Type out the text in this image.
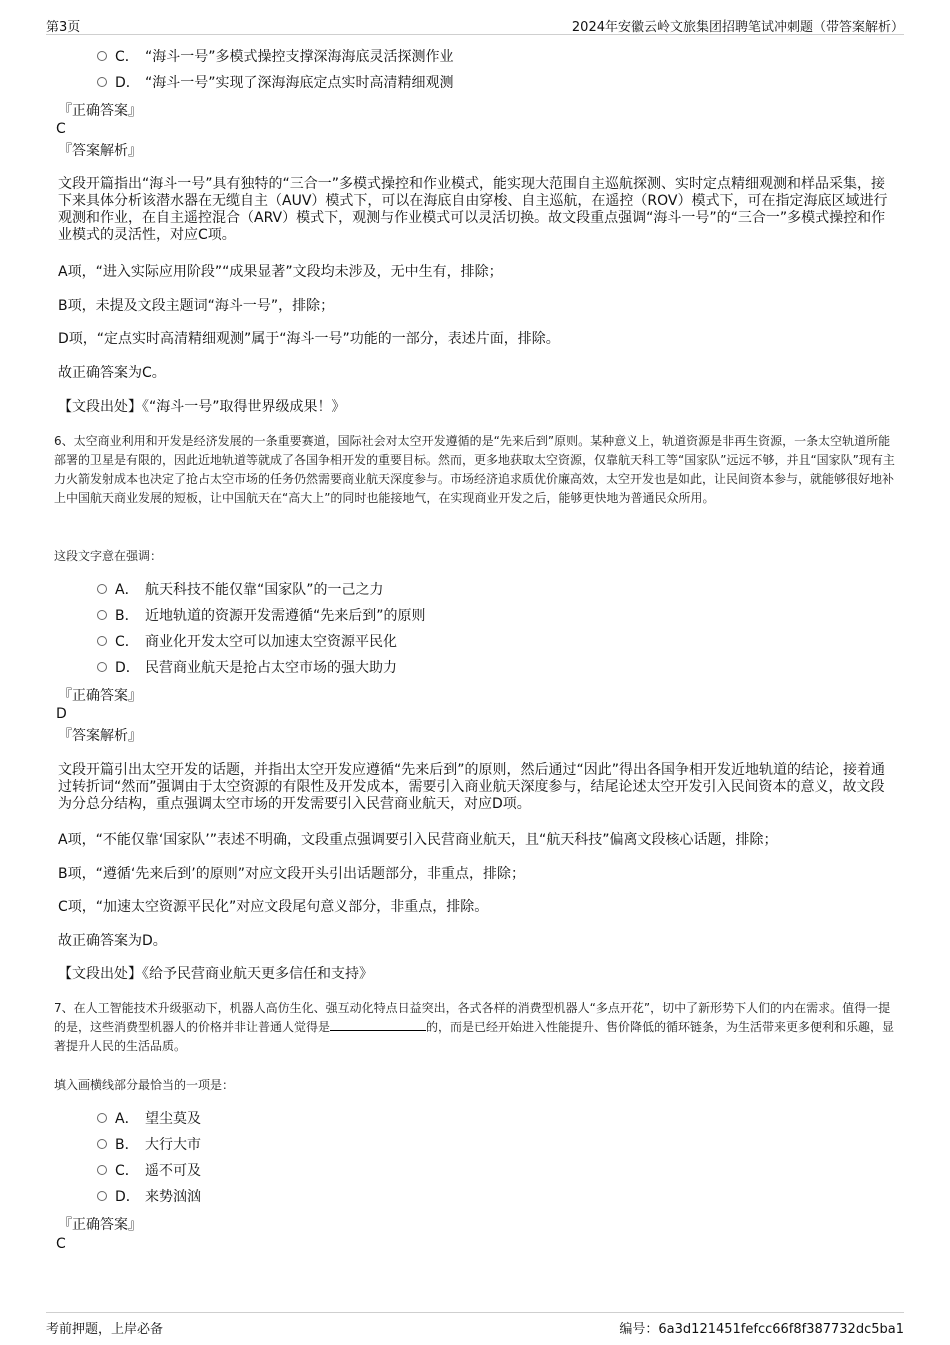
第3页	2024年安徽云岭文旅集团招聘笔试冲刺题（带答案解析）
C． “海斗一号”多模式操控支撑深海海底灵活探测作业
D． “海斗一号”实现了深海海底定点实时高清精细观测
『正确答案』
C
『答案解析』
文段开篇指出“海斗一号”具有独特的“三合一”多模式操控和作业模式，能实现大范围自主巡航探测、实时定点精细观测和样品采集，接下来具体分析该潜水器在无缆自主（AUV）模式下，可以在海底自由穿梭、自主巡航，在遥控（ROV）模式下，可在指定海底区域进行观测和作业，在自主遥控混合（ARV）模式下，观测与作业模式可以灵活切换。故文段重点强调“海斗一号”的“三合一”多模式操控和作业模式的灵活性，对应C项。
A项，“进入实际应用阶段”“成果显著”文段均未涉及，无中生有，排除；
B项，未提及文段主题词“海斗一号”，排除；
D项，“定点实时高清精细观测”属于“海斗一号”功能的一部分，表述片面，排除。
故正确答案为C。
【文段出处】《“海斗一号”取得世界级成果！》
6、太空商业利用和开发是经济发展的一条重要赛道，国际社会对太空开发遵循的是“先来后到”原则。某种意义上，轨道资源是非再生资源，一条太空轨道所能部署的卫星是有限的，因此近地轨道等就成了各国争相开发的重要目标。然而，更多地获取太空资源，仅靠航天科工等“国家队”远远不够，并且“国家队”现有主力火箭发射成本也决定了抢占太空市场的任务仍然需要商业航天深度参与。市场经济追求质优价廉高效，太空开发也是如此，让民间资本参与，就能够很好地补上中国航天商业发展的短板，让中国航天在“高大上”的同时也能接地气，在实现商业开发之后，能够更快地为普通民众所用。
这段文字意在强调：
A． 航天科技不能仅靠“国家队”的一己之力
B． 近地轨道的资源开发需遵循“先来后到”的原则
C． 商业化开发太空可以加速太空资源平民化
D． 民营商业航天是抢占太空市场的强大助力
『正确答案』
D
『答案解析』
文段开篇引出太空开发的话题，并指出太空开发应遵循“先来后到”的原则，然后通过“因此”得出各国争相开发近地轨道的结论，接着通过转折词“然而”强调由于太空资源的有限性及开发成本，需要引入商业航天深度参与，结尾论述太空开发引入民间资本的意义，故文段为分总分结构，重点强调太空市场的开发需要引入民营商业航天，对应D项。
A项，“不能仅靠‘国家队’”表述不明确，文段重点强调要引入民营商业航天，且“航天科技”偏离文段核心话题，排除；
B项，“遵循‘先来后到’的原则”对应文段开头引出话题部分，非重点，排除；
C项，“加速太空资源平民化”对应文段尾句意义部分，非重点，排除。
故正确答案为D。
【文段出处】《给予民营商业航天更多信任和支持》
7、在人工智能技术升级驱动下，机器人高仿生化、强互动化特点日益突出，各式各样的消费型机器人“多点开花”，切中了新形势下人们的内在需求。值得一提的是，这些消费型机器人的价格并非让普通人觉得是	的，而是已经开始进入性能提升、售价降低的循环链条，为生活带来更多便利和乐趣，显著提升人民的生活品质。
填入画横线部分最恰当的一项是：
A． 望尘莫及
B． 大行大市
C． 遥不可及
D． 来势汹汹
『正确答案』
C
考前押题，上岸必备	编号：6a3d121451fefcc66f8f387732dc5ba1
